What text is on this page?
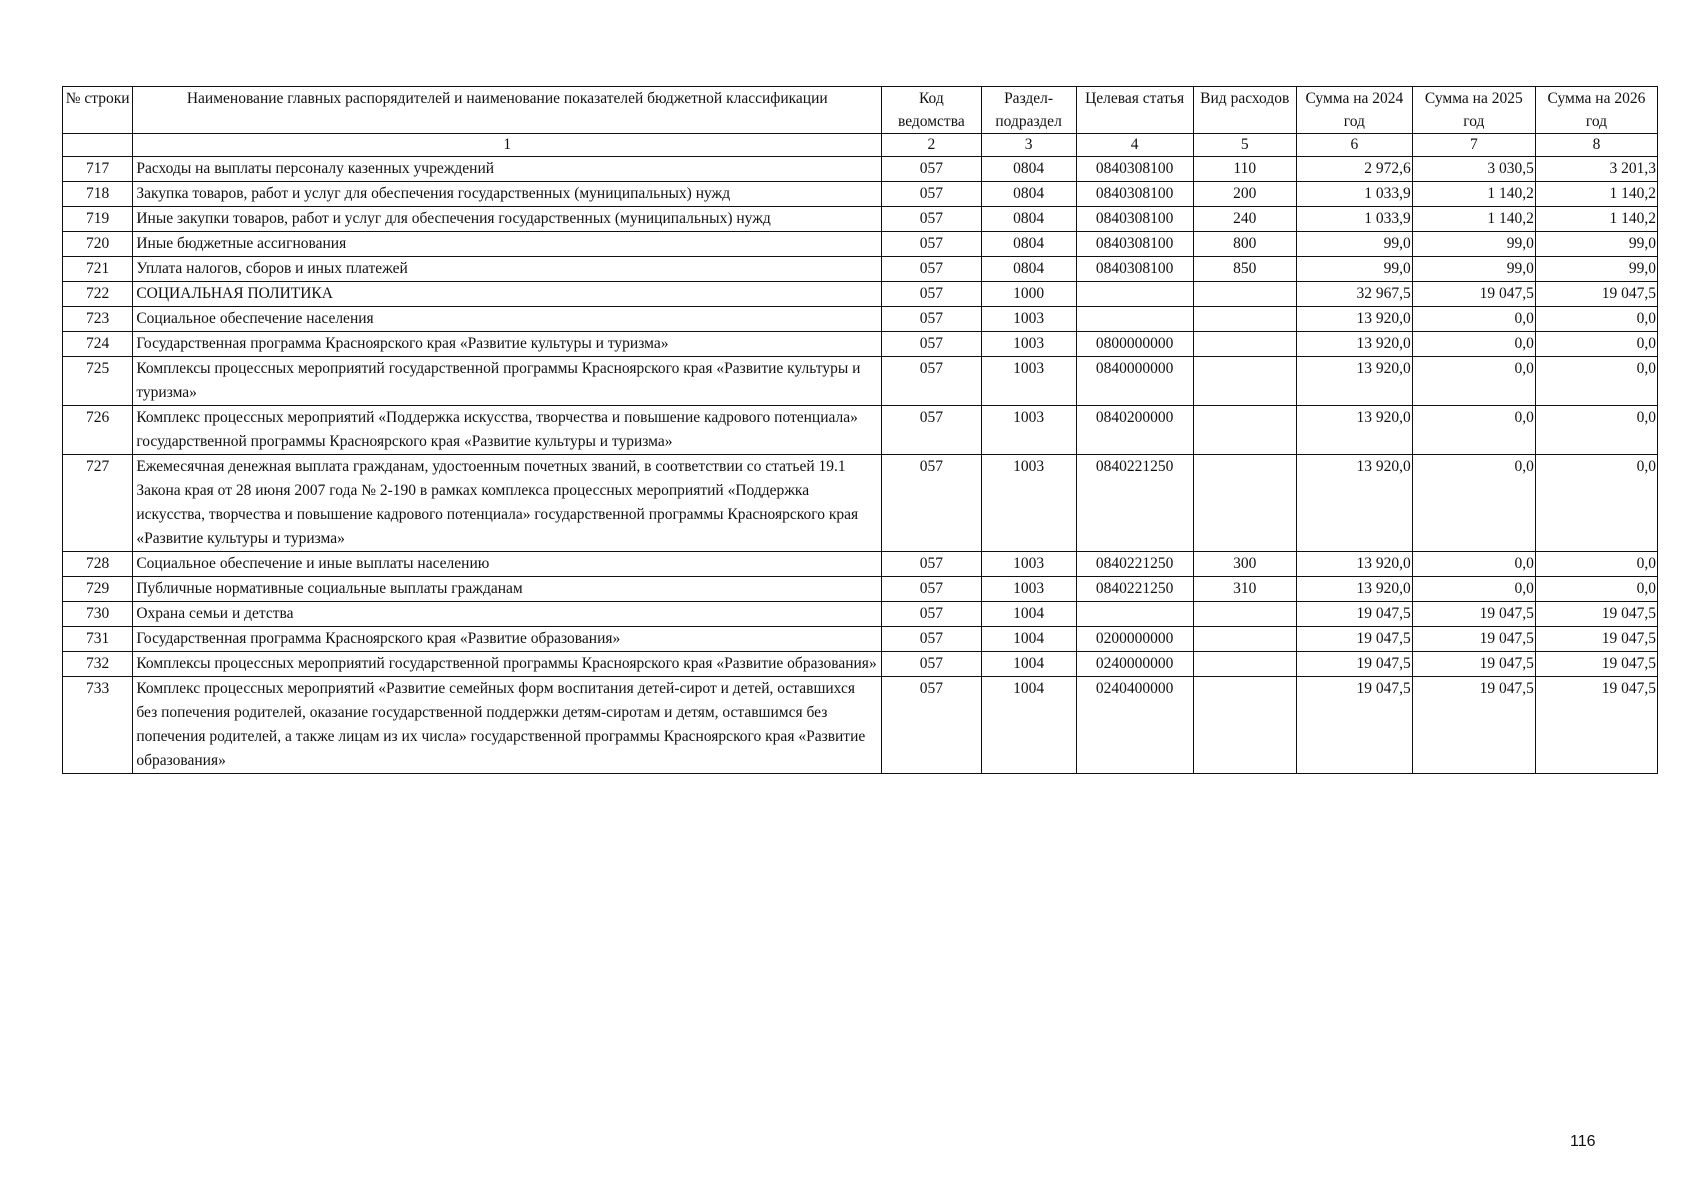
№ строки	Наименование главных распорядителей и наименование показателей бюджетной классификации	Код ведомства	Раздел-подраздел	Целевая статья	Вид расходов	Сумма на 2024 год	Сумма на 2025 год	Сумма на 2026 год
	1	2	3	4	5	6	7	8
717	Расходы на выплаты персоналу казенных учреждений	057	0804	0840308100	110	2 972,6	3 030,5	3 201,3
718	Закупка товаров, работ и услуг для обеспечения государственных (муниципальных) нужд	057	0804	0840308100	200	1 033,9	1 140,2	1 140,2
719	Иные закупки товаров, работ и услуг для обеспечения государственных (муниципальных) нужд	057	0804	0840308100	240	1 033,9	1 140,2	1 140,2
720	Иные бюджетные ассигнования	057	0804	0840308100	800	99,0	99,0	99,0
721	Уплата налогов, сборов и иных платежей	057	0804	0840308100	850	99,0	99,0	99,0
722	СОЦИАЛЬНАЯ ПОЛИТИКА	057	1000			32 967,5	19 047,5	19 047,5
723	Социальное обеспечение населения	057	1003			13 920,0	0,0	0,0
724	Государственная программа Красноярского края «Развитие культуры и туризма»	057	1003	0800000000		13 920,0	0,0	0,0
725	Комплексы процессных мероприятий государственной программы Красноярского края «Развитие культуры и туризма»	057	1003	0840000000		13 920,0	0,0	0,0
726	Комплекс процессных мероприятий «Поддержка искусства, творчества и повышение кадрового потенциала» государственной программы Красноярского края «Развитие культуры и туризма»	057	1003	0840200000		13 920,0	0,0	0,0
727	Ежемесячная денежная выплата гражданам, удостоенным почетных званий, в соответствии со статьей 19.1 Закона края от 28 июня 2007 года № 2-190 в рамках комплекса процессных мероприятий «Поддержка искусства, творчества и повышение кадрового потенциала» государственной программы Красноярского края «Развитие культуры и туризма»	057	1003	0840221250		13 920,0	0,0	0,0
728	Социальное обеспечение и иные выплаты населению	057	1003	0840221250	300	13 920,0	0,0	0,0
729	Публичные нормативные социальные выплаты гражданам	057	1003	0840221250	310	13 920,0	0,0	0,0
730	Охрана семьи и детства	057	1004			19 047,5	19 047,5	19 047,5
731	Государственная программа Красноярского края «Развитие образования»	057	1004	0200000000		19 047,5	19 047,5	19 047,5
732	Комплексы процессных мероприятий государственной программы Красноярского края «Развитие образования»	057	1004	0240000000		19 047,5	19 047,5	19 047,5
733	Комплекс процессных мероприятий «Развитие семейных форм воспитания детей-сирот и детей, оставшихся без попечения родителей, оказание государственной поддержки детям-сиротам и детям, оставшимся без попечения родителей, а также лицам из их числа» государственной программы Красноярского края «Развитие образования»	057	1004	0240400000		19 047,5	19 047,5	19 047,5
116
